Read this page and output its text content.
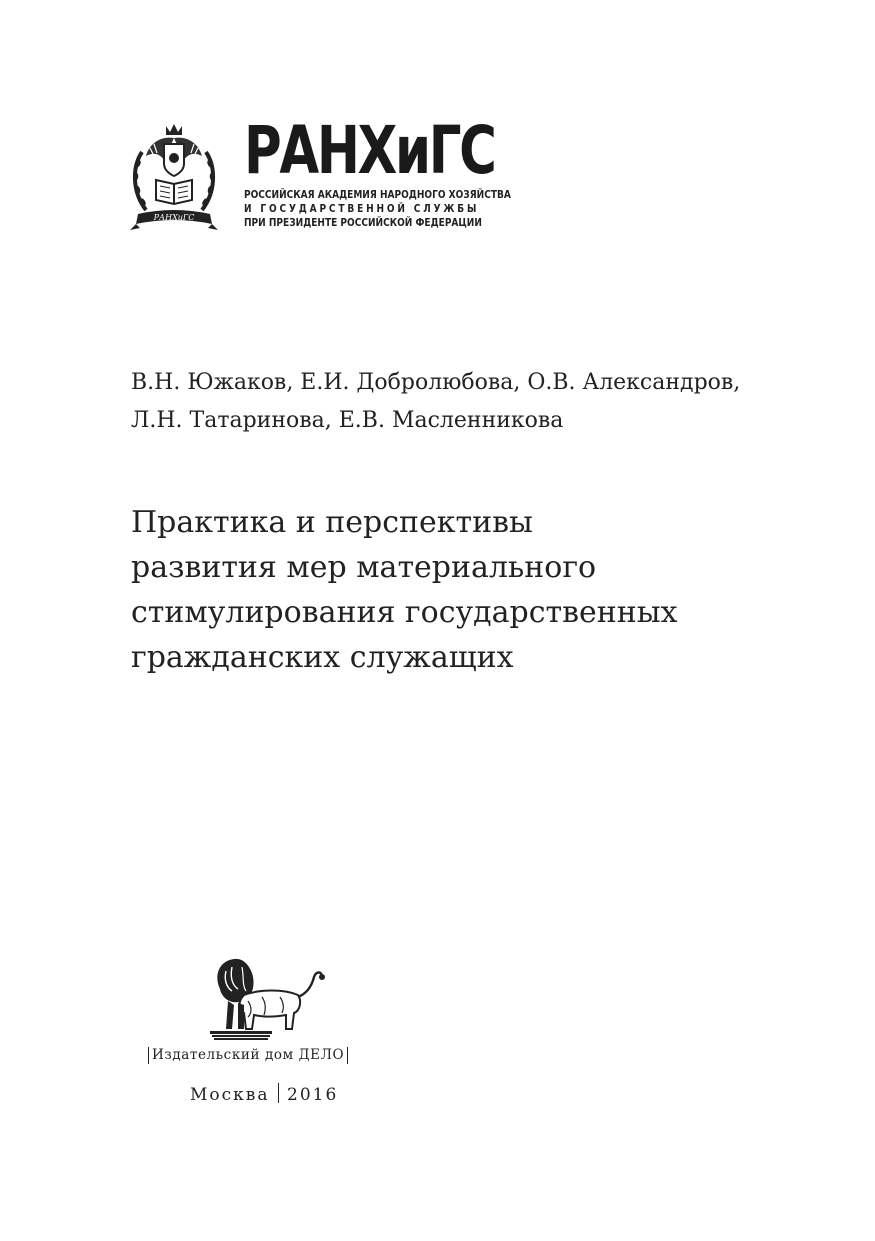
РАНХиГС
РАНХиГС
РОССИЙСКАЯ АКАДЕМИЯ НАРОДНОГО ХОЗЯЙСТВА
И ГОСУДАРСТВЕННОЙ СЛУЖБЫ
ПРИ ПРЕЗИДЕНТЕ РОССИЙСКОЙ ФЕДЕРАЦИИ
В.Н. Южаков, Е.И. Добролюбова, О.В. Александров,
Л.Н. Татаринова, Е.В. Масленникова
Практика и перспективы
развития мер материального
стимулирования государственных
гражданских служащих
Издательский дом ДЕЛО
Москва 2016
